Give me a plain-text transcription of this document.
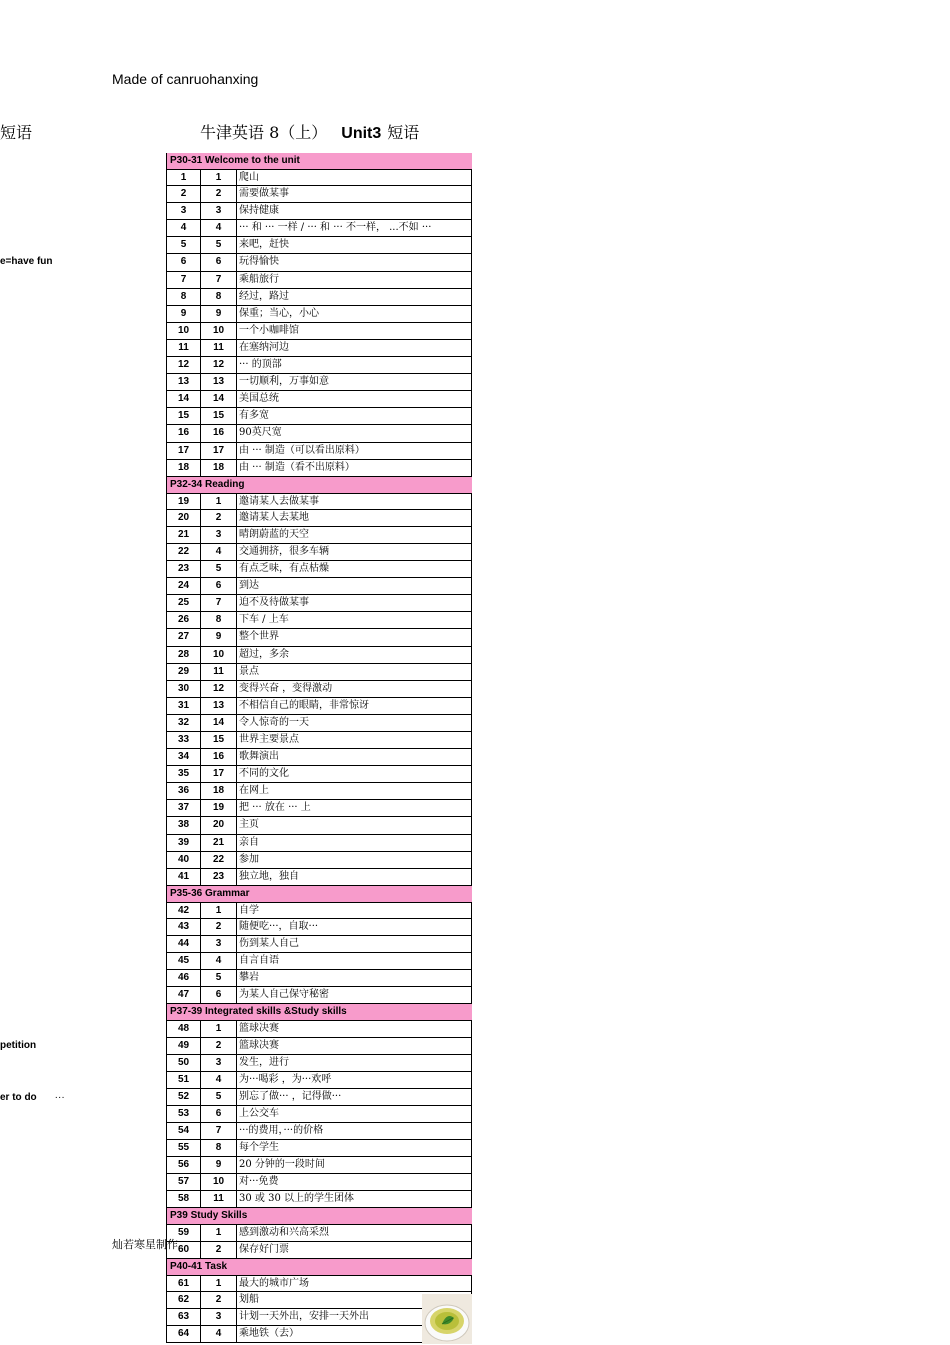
Made of canruohanxing
短语	牛津英语 8（上） Unit3 短语
e=have fun
petition
er to do ···
P30-31 Welcome to the unit
1	1	爬山
2	2	需要做某事
3	3	保持健康
4	4	··· 和 ··· 一样 / ··· 和 ··· 不一样， ...不如 ···
5	5	来吧，赶快
6	6	玩得愉快
7	7	乘船旅行
8	8	经过，路过
9	9	保重；当心，小心
10	10	一个小咖啡馆
11	11	在塞纳河边
12	12	··· 的顶部
13	13	一切顺利，万事如意
14	14	美国总统
15	15	有多宽
16	16	90英尺宽
17	17	由 ··· 制造（可以看出原料）
18	18	由 ··· 制造（看不出原料）
P32-34 Reading
19	1	邀请某人去做某事
20	2	邀请某人去某地
21	3	晴朗蔚蓝的天空
22	4	交通拥挤，很多车辆
23	5	有点乏味，有点枯燥
24	6	到达
25	7	迫不及待做某事
26	8	下车 / 上车
27	9	整个世界
28	10	超过，多余
29	11	景点
30	12	变得兴奋 ，变得激动
31	13	不相信自己的眼睛，非常惊讶
32	14	令人惊奇的一天
33	15	世界主要景点
34	16	歌舞演出
35	17	不同的文化
36	18	在网上
37	19	把 ··· 放在 ··· 上
38	20	主页
39	21	亲自
40	22	参加
41	23	独立地，独自
P35-36 Grammar
42	1	自学
43	2	随便吃···，自取···
44	3	伤到某人自己
45	4	自言自语
46	5	攀岩
47	6	为某人自己保守秘密
P37-39 Integrated skills &Study skills
48	1	篮球决赛
49	2	篮球决赛
50	3	发生，进行
51	4	为···喝彩 ，为···欢呼
52	5	别忘了做··· ，记得做···
53	6	上公交车
54	7	···的费用，···的价格
55	8	每个学生
56	9	20 分钟的一段时间
57	10	对···免费
58	11	30 或 30 以上的学生团体
P39 Study Skills
59	1	感到激动和兴高采烈
60	2	保存好门票
P40-41 Task
61	1	最大的城市广场
62	2	划船
63	3	计划一天外出，安排一天外出
64	4	乘地铁（去）
灿若寒星制作
